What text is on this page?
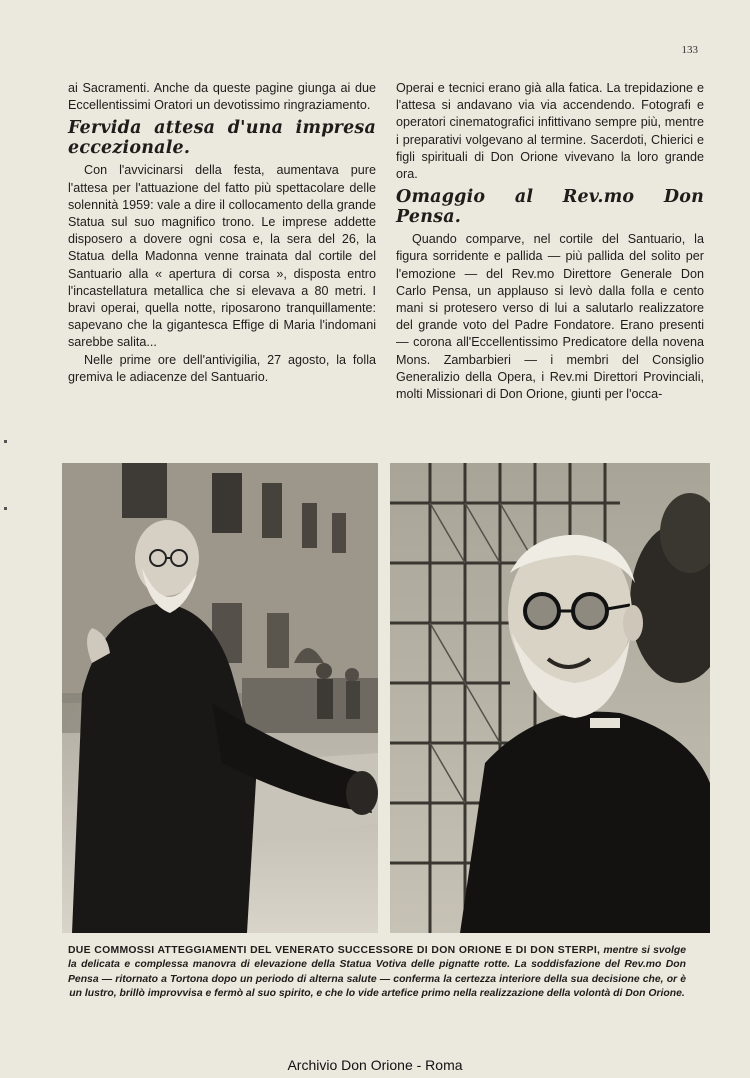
133

ai Sacramenti. Anche da queste pagine giunga ai due Eccellentissimi Oratori un devotissimo ringraziamento.

Fervida attesa d'una impresa eccezionale.

Con l'avvicinarsi della festa, aumentava pure l'attesa per l'attuazione del fatto più spettacolare delle solennità 1959: vale a dire il collocamento della grande Statua sul suo magnifico trono. Le imprese addette disposero a dovere ogni cosa e, la sera del 26, la Statua della Madonna venne trainata dal cortile del Santuario alla « apertura di corsa », disposta entro l'incastellatura metallica che si elevava a 80 metri. I bravi operai, quella notte, riposarono tranquillamente: sapevano che la gigantesca Effige di Maria l'indomani sarebbe salita...

Nelle prime ore dell'antivigilia, 27 agosto, la folla gremiva le adiacenze del Santuario.

Operai e tecnici erano già alla fatica. La trepidazione e l'attesa si andavano via via accendendo. Fotografi e operatori cinematografici infittivano sempre più, mentre i preparativi volgevano al termine. Sacerdoti, Chierici e figli spirituali di Don Orione vivevano la loro grande ora.

Omaggio al Rev.mo Don Pensa.

Quando comparve, nel cortile del Santuario, la figura sorridente e pallida — più pallida del solito per l'emozione — del Rev.mo Direttore Generale Don Carlo Pensa, un applauso si levò dalla folla e cento mani si protesero verso di lui a salutarlo realizzatore del grande voto del Padre Fondatore. Erano presenti — corona all'Eccellentissimo Predicatore della novena Mons. Zambarbieri — i membri del Consiglio Generalizio della Opera, i Rev.mi Direttori Provinciali, molti Missionari di Don Orione, giunti per l'occa-

DUE COMMOSSI ATTEGGIAMENTI DEL VENERATO SUCCESSORE DI DON ORIONE E DI DON STERPI, mentre si svolge la delicata e complessa manovra di elevazione della Statua Votiva delle pignatte rotte. La soddisfazione del Rev.mo Don Pensa — ritornato a Tortona dopo un periodo di alterna salute — conferma la certezza interiore della sua decisione che, or è un lustro, brillò improvvisa e fermò al suo spirito, e che lo vide artefice primo nella realizzazione della volontà di Don Orione.
Archivio Don Orione - Roma
